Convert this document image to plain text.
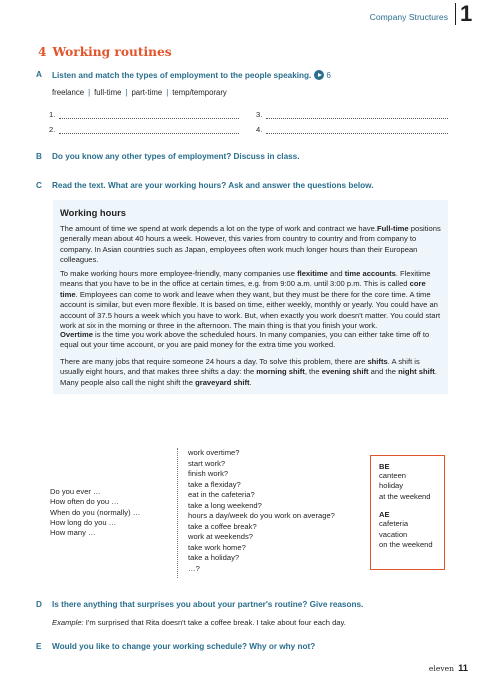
Company Structures 1
4 Working routines
A Listen and match the types of employment to the people speaking. 6
freelance | full-time | part-time | temp/temporary
1.	3.
2.	4.
B Do you know any other types of employment? Discuss in class.
C Read the text. What are your working hours? Ask and answer the questions below.
Working hours
The amount of time we spend at work depends a lot on the type of work and contract we have.Full-time positions generally mean about 40 hours a week. However, this varies from country to country and from company to company. In Asian countries such as Japan, employees often work much longer hours than their European colleagues.
To make working hours more employee-friendly, many companies use flexitime and time accounts. Flexitime means that you have to be in the office at certain times, e.g. from 9:00 a.m. until 3:00 p.m. This is called core time. Employees can come to work and leave when they want, but they must be there for the core time. A time account is similar, but even more flexible. It is based on time, either weekly, monthly or yearly. You could have an account of 37.5 hours a week which you have to work. But, when exactly you work doesn't matter. You could start work at six in the morning or three in the afternoon. The main thing is that you finish your work.
Overtime is the time you work above the scheduled hours. In many companies, you can either take time off to equal out your time account, or you are paid money for the extra time you worked.
There are many jobs that require someone 24 hours a day. To solve this problem, there are shifts. A shift is usually eight hours, and that makes three shifts a day: the morning shift, the evening shift and the night shift. Many people also call the night shift the graveyard shift.
Do you ever …
How often do you …
When do you (normally) …
How long do you …
How many …
work overtime?
start work?
finish work?
take a flexiday?
eat in the cafeteria?
take a long weekend?
hours a day/week do you work on average?
take a coffee break?
work at weekends?
take work home?
take a holiday?
…?
BE
canteen
holiday
at the weekend
AE
cafeteria
vacation
on the weekend
D Is there anything that surprises you about your partner's routine? Give reasons.
Example: I'm surprised that Rita doesn't take a coffee break. I take about four each day.
E Would you like to change your working schedule? Why or why not?
eleven 11
